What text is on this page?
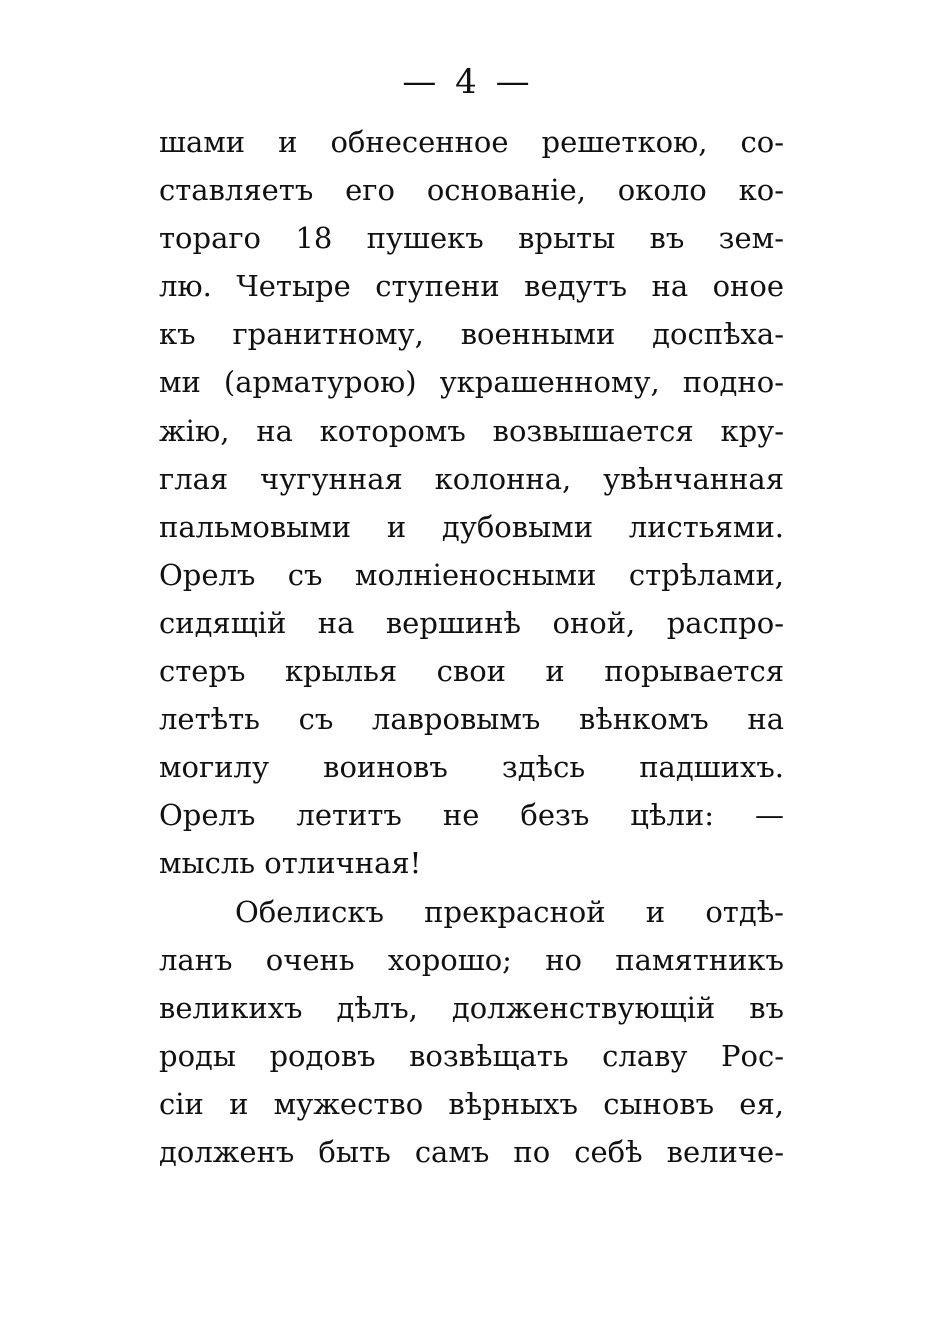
— 4 —
шами и обнесенное решеткою, со-
ставляетъ его основаніе, около ко-
тораго 18 пушекъ врыты въ зем-
лю. Четыре ступени ведутъ на оное
къ гранитному, военными доспѣха-
ми (арматурою) украшенному, подно-
жію, на которомъ возвышается кру-
глая чугунная колонна, увѣнчанная
пальмовыми и дубовыми листьями.
Орелъ съ молніеносными стрѣлами,
сидящій на вершинѣ оной, распро-
стеръ крылья свои и порывается
летѣть съ лавровымъ вѣнкомъ на
могилу воиновъ здѣсь падшихъ.
Орелъ летитъ не безъ цѣли: —
мысль отличная!
Обелискъ прекрасной и отдѣ-
ланъ очень хорошо; но памятникъ
великихъ дѣлъ, долженствующій въ
роды родовъ возвѣщать славу Рос-
сіи и мужество вѣрныхъ сыновъ ея,
долженъ быть самъ по себѣ величе-
